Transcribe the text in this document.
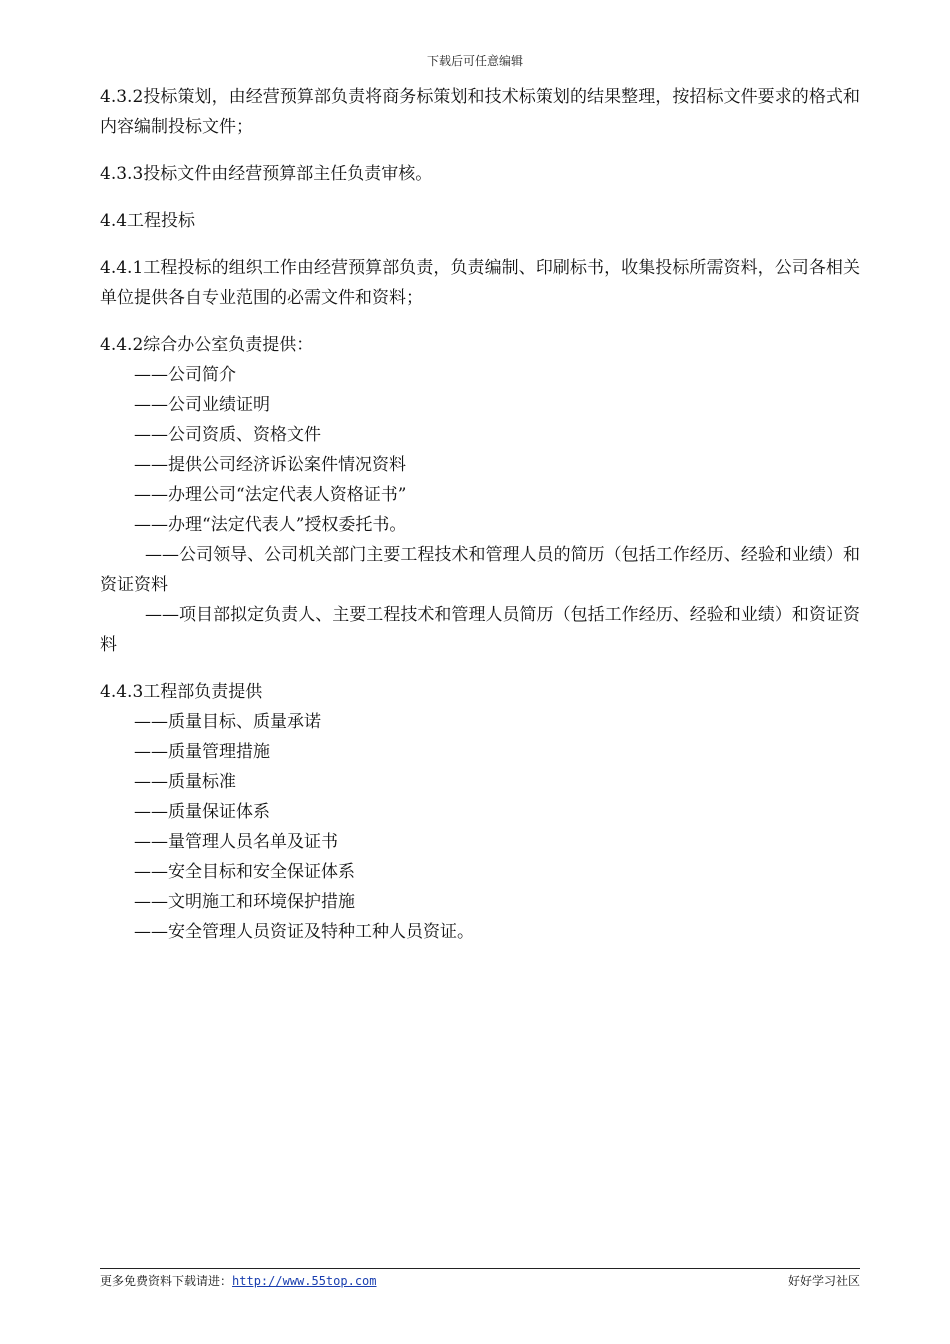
下载后可任意编辑

4.3.2投标策划，由经营预算部负责将商务标策划和技术标策划的结果整理，按招标文件要求的格式和内容编制投标文件；

4.3.3投标文件由经营预算部主任负责审核。

4.4工程投标

4.4.1工程投标的组织工作由经营预算部负责，负责编制、印刷标书，收集投标所需资料，公司各相关单位提供各自专业范围的必需文件和资料；

4.4.2综合办公室负责提供：

——公司简介

——公司业绩证明

——公司资质、资格文件

——提供公司经济诉讼案件情况资料

——办理公司“法定代表人资格证书”

——办理“法定代表人”授权委托书。

——公司领导、公司机关部门主要工程技术和管理人员的简历（包括工作经历、经验和业绩）和资证资料

——项目部拟定负责人、主要工程技术和管理人员简历（包括工作经历、经验和业绩）和资证资料

4.4.3工程部负责提供

——质量目标、质量承诺

——质量管理措施

——质量标准

——质量保证体系

——量管理人员名单及证书

——安全目标和安全保证体系

——文明施工和环境保护措施

——安全管理人员资证及特种工种人员资证。

更多免费资料下载请进：http://www.55top.com	好好学习社区
